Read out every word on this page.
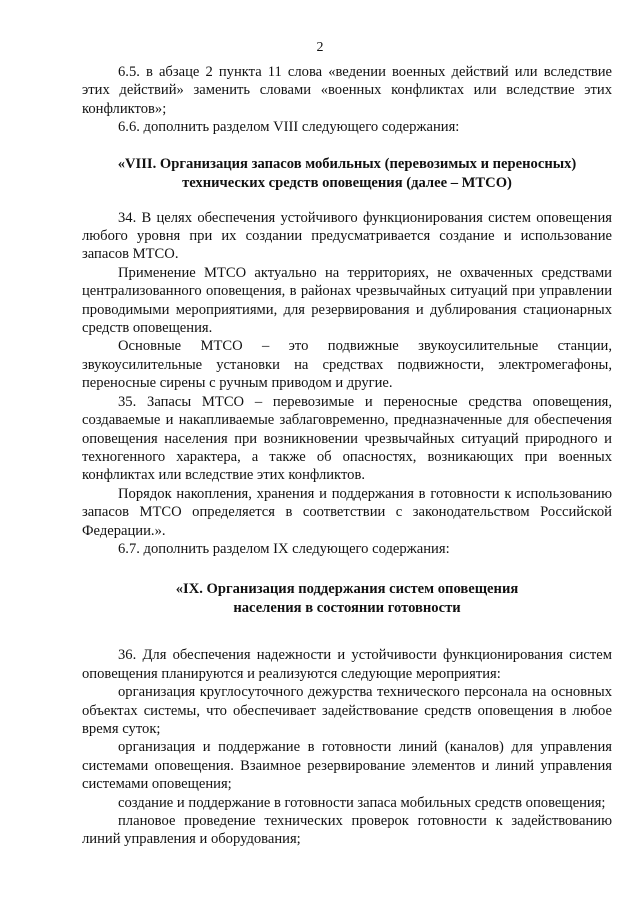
2

6.5. в абзаце 2 пункта 11 слова «ведении военных действий или вследствие этих действий» заменить словами «военных конфликтах или вследствие этих конфликтов»;

6.6. дополнить разделом VIII следующего содержания:

«VIII. Организация запасов мобильных (перевозимых и переносных)
технических средств оповещения (далее – МТСО)

34. В целях обеспечения устойчивого функционирования систем оповещения любого уровня при их создании предусматривается создание и использование запасов МТСО.

Применение МТСО актуально на территориях, не охваченных средствами централизованного оповещения, в районах чрезвычайных ситуаций при управлении проводимыми мероприятиями, для резервирования и дублирования стационарных средств оповещения.

Основные МТСО – это подвижные звукоусилительные станции, звукоусилительные установки на средствах подвижности, электромегафоны, переносные сирены с ручным приводом и другие.

35. Запасы МТСО – перевозимые и переносные средства оповещения, создаваемые и накапливаемые заблаговременно, предназначенные для обеспечения оповещения населения при возникновении чрезвычайных ситуаций природного и техногенного характера, а также об опасностях, возникающих при военных конфликтах или вследствие этих конфликтов.

Порядок накопления, хранения и поддержания в готовности к использованию запасов МТСО определяется в соответствии с законодательством Российской Федерации.».

6.7. дополнить разделом IX следующего содержания:

«IX. Организация поддержания систем оповещения
населения в состоянии готовности

36. Для обеспечения надежности и устойчивости функционирования систем оповещения планируются и реализуются следующие мероприятия:

организация круглосуточного дежурства технического персонала на основных объектах системы, что обеспечивает задействование средств оповещения в любое время суток;

организация и поддержание в готовности линий (каналов) для управления системами оповещения. Взаимное резервирование элементов и линий управления системами оповещения;

создание и поддержание в готовности запаса мобильных средств оповещения;

плановое проведение технических проверок готовности к задействованию линий управления и оборудования;
